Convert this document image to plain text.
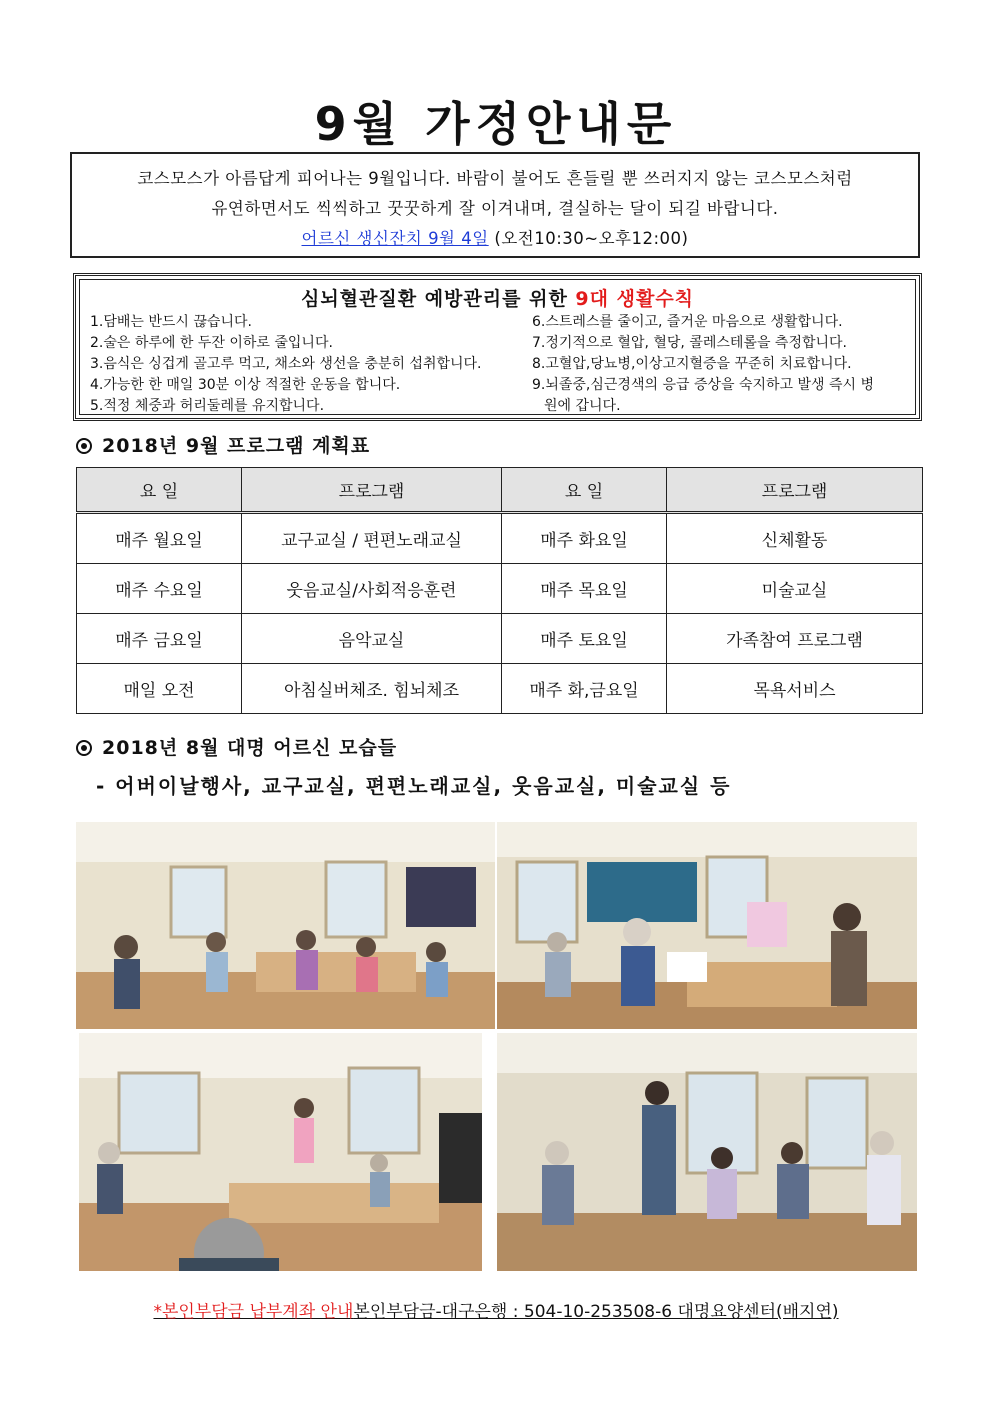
9월 가정안내문
코스모스가 아름답게 피어나는 9월입니다. 바람이 불어도 흔들릴 뿐 쓰러지지 않는 코스모스처럼
유연하면서도 씩씩하고 꿋꿋하게 잘 이겨내며, 결실하는 달이 되길 바랍니다.
어르신 생신잔치 9월 4일 (오전10:30~오후12:00)
심뇌혈관질환 예방관리를 위한 9대 생활수칙
1.담배는 반드시 끊습니다.
2.술은 하루에 한 두잔 이하로 줄입니다.
3.음식은 싱겁게 골고루 먹고, 채소와 생선을 충분히 섭취합니다.
4.가능한 한 매일 30분 이상 적절한 운동을 합니다.
5.적정 체중과 허리둘레를 유지합니다.
6.스트레스를 줄이고, 즐거운 마음으로 생활합니다.
7.정기적으로 혈압, 혈당, 콜레스테롤을 측정합니다.
8.고혈압,당뇨병,이상고지혈증을 꾸준히 치료합니다.
9.뇌졸중,심근경색의 응급 증상을 숙지하고 발생 즉시 병
원에 갑니다.
2018년 9월 프로그램 계획표
요 일	프로그램	요 일	프로그램
매주 월요일	교구교실 / 편편노래교실	매주 화요일	신체활동
매주 수요일	웃음교실/사회적응훈련	매주 목요일	미술교실
매주 금요일	음악교실	매주 토요일	가족참여 프로그램
매일 오전	아침실버체조. 힘뇌체조	매주 화,금요일	목욕서비스
2018년 8월 대명 어르신 모습들
- 어버이날행사, 교구교실, 편편노래교실, 웃음교실, 미술교실 등
*본인부담금 납부계좌 안내본인부담금-대구은행 : 504-10-253508-6 대명요양센터(배지연)
